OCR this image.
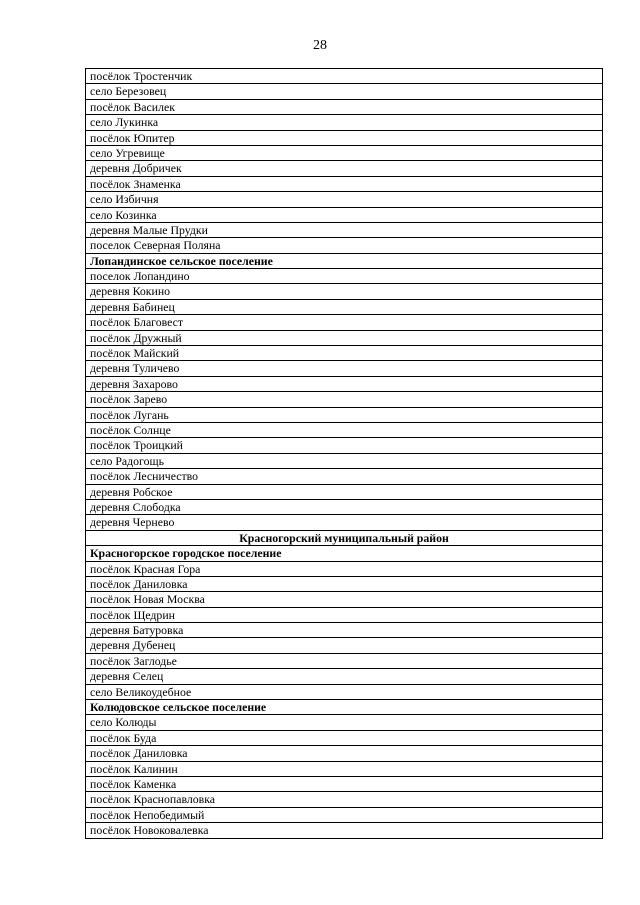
28
посёлок Тростенчик
село Березовец
посёлок Василек
село Лукинка
посёлок Юпитер
село Угревище
деревня Добричек
посёлок Знаменка
село Избичня
село Козинка
деревня Малые Прудки
поселок Северная Поляна
Лопандинское сельское поселение
поселок Лопандино
деревня Кокино
деревня Бабинец
посёлок Благовест
посёлок Дружный
посёлок Майский
деревня Туличево
деревня Захарово
посёлок Зарево
посёлок Лугань
посёлок Солнце
посёлок Троицкий
село Радогощь
посёлок Лесничество
деревня Робское
деревня Слободка
деревня Черневo
Красногорский муниципальный район
Красногорское городское поселение
посёлок Красная Гора
посёлок Даниловка
посёлок Новая Москва
посёлок Щедрин
деревня Батуровка
деревня Дубенец
посёлок Заглодье
деревня Селец
село Великоудебное
Колюдовское сельское поселение
село Колюды
посёлок Буда
посёлок Даниловка
посёлок Калинин
посёлок Каменка
посёлок Краснопавловка
посёлок Непобедимый
посёлок Новоковалевка
